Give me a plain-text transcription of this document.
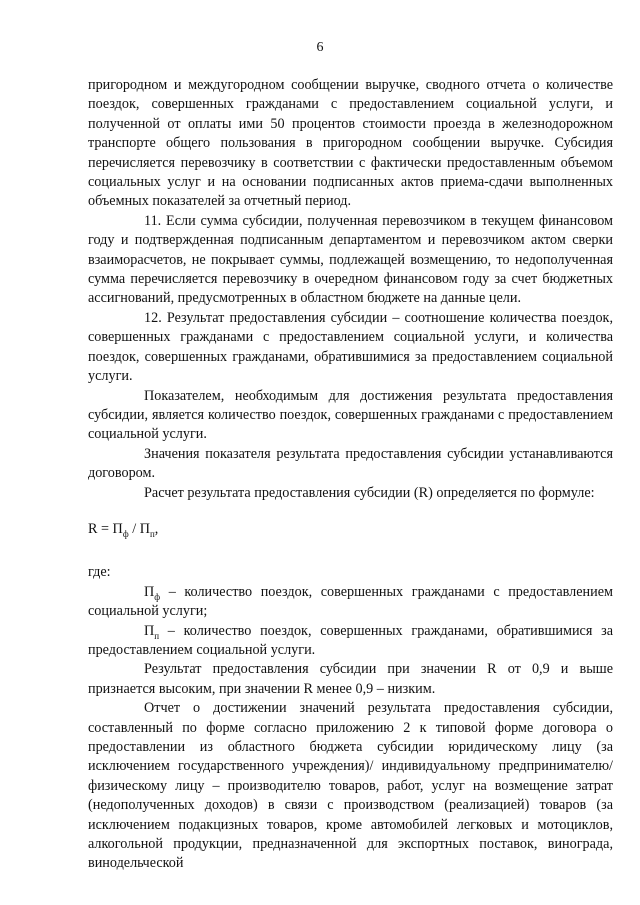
6

пригородном и междугородном сообщении выручке, сводного отчета о количестве поездок, совершенных гражданами с предоставлением социальной услуги, и полученной от оплаты ими 50 процентов стоимости проезда в железнодорожном транспорте общего пользования в пригородном сообщении выручке. Субсидия перечисляется перевозчику в соответствии с фактически предоставленным объемом социальных услуг и на основании подписанных актов приема-сдачи выполненных объемных показателей за отчетный период.

11. Если сумма субсидии, полученная перевозчиком в текущем финансовом году и подтвержденная подписанным департаментом и перевозчиком актом сверки взаиморасчетов, не покрывает суммы, подлежащей возмещению, то недополученная сумма перечисляется перевозчику в очередном финансовом году за счет бюджетных ассигнований, предусмотренных в областном бюджете на данные цели.

12. Результат предоставления субсидии – соотношение количества поездок, совершенных гражданами с предоставлением социальной услуги, и количества поездок, совершенных гражданами, обратившимися за предоставлением социальной услуги.

Показателем, необходимым для достижения результата предоставления субсидии, является количество поездок, совершенных гражданами с предоставлением социальной услуги.

Значения показателя результата предоставления субсидии устанавливаются договором.

Расчет результата предоставления субсидии (R) определяется по формуле:

$R = П_ф / П_п$,

где:

$П_ф$ – количество поездок, совершенных гражданами с предоставлением социальной услуги;

$П_п$ – количество поездок, совершенных гражданами, обратившимися за предоставлением социальной услуги.

Результат предоставления субсидии при значении R от 0,9 и выше признается высоким, при значении R менее 0,9 – низким.

Отчет о достижении значений результата предоставления субсидии, составленный по форме согласно приложению 2 к типовой форме договора о предоставлении из областного бюджета субсидии юридическому лицу (за исключением государственного учреждения)/ индивидуальному предпринимателю/ физическому лицу – производителю товаров, работ, услуг на возмещение затрат (недополученных доходов) в связи с производством (реализацией) товаров (за исключением подакцизных товаров, кроме автомобилей легковых и мотоциклов, алкогольной продукции, предназначенной для экспортных поставок, винограда, винодельческой
